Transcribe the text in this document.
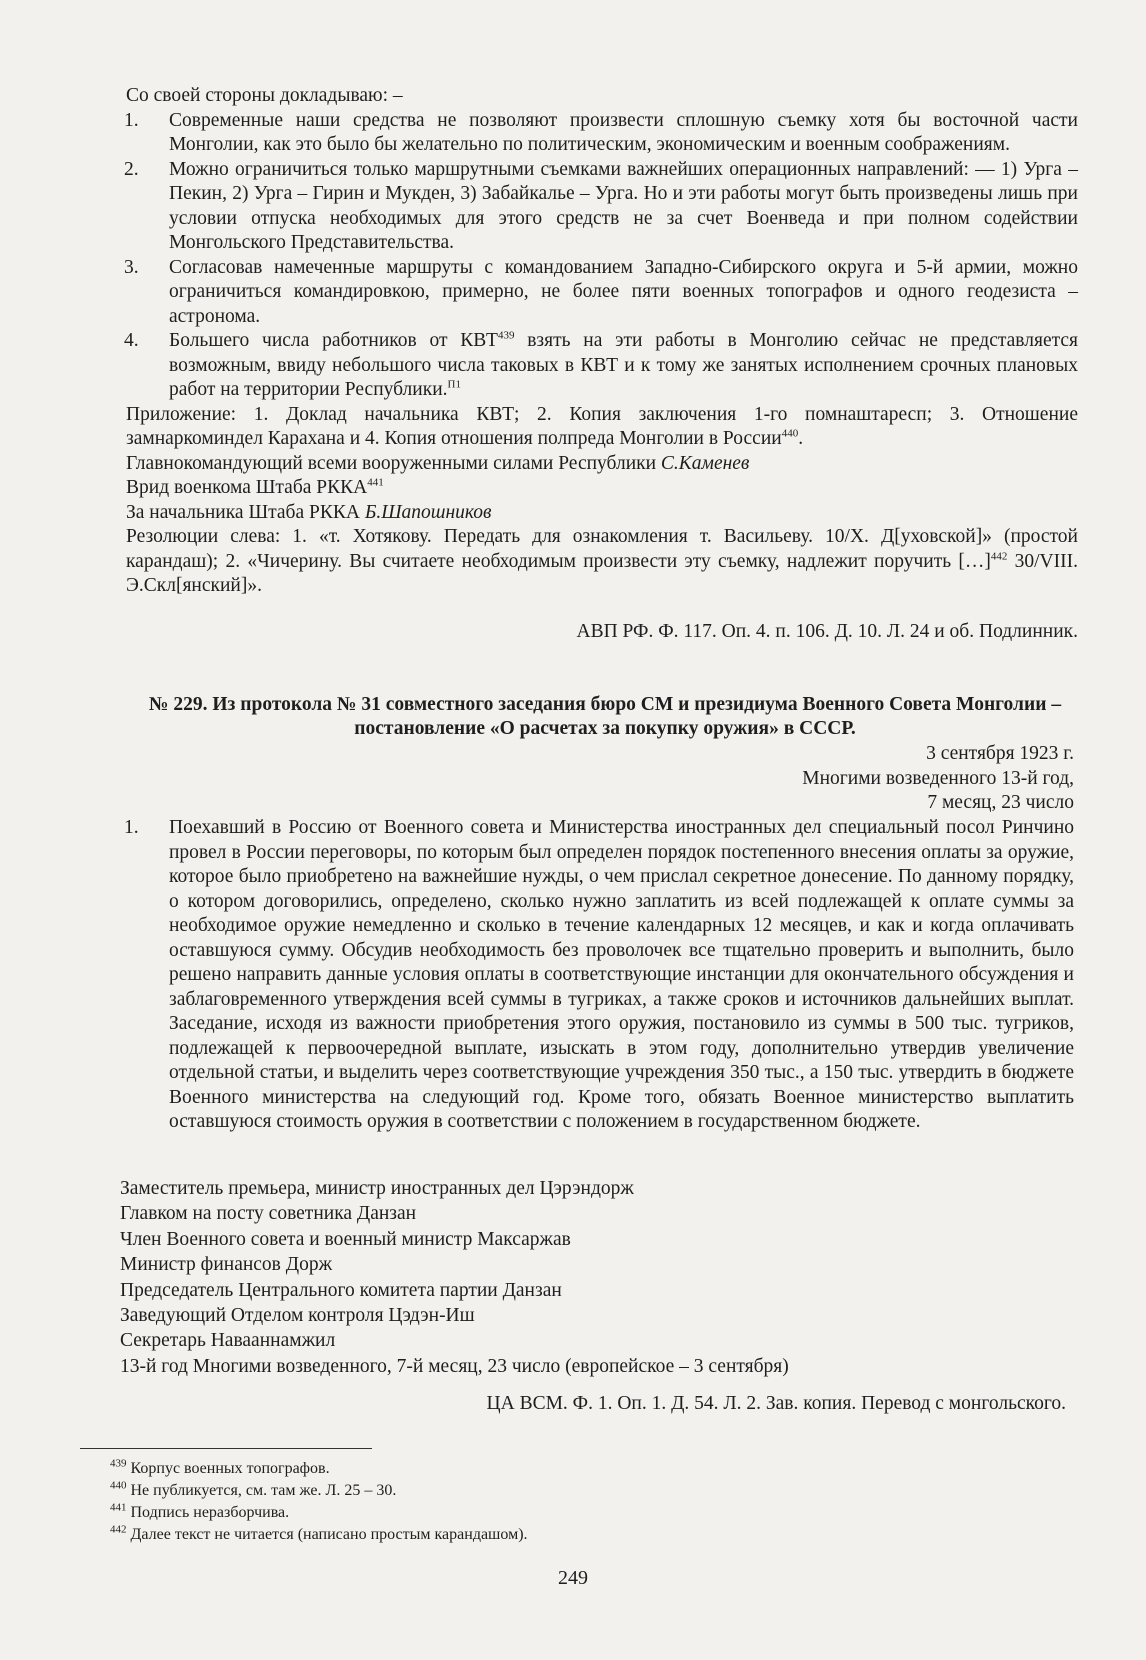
Со своей стороны докладываю: –

1. Современные наши средства не позволяют произвести сплошную съемку хотя бы восточной части Монголии, как это было бы желательно по политическим, экономическим и военным соображениям.
2. Можно ограничиться только маршрутными съемками важнейших операционных направлений: — 1) Урга – Пекин, 2) Урга – Гирин и Мукден, 3) Забайкалье – Урга. Но и эти работы могут быть произведены лишь при условии отпуска необходимых для этого средств не за счет Военведа и при полном содействии Монгольского Представительства.
3. Согласовав намеченные маршруты с командованием Западно-Сибирского округа и 5-й армии, можно ограничиться командировкою, примерно, не более пяти военных топографов и одного геодезиста – астронома.
4. Большего числа работников от КВТ$^{439}$ взять на эти работы в Монголию сейчас не представляется возможным, ввиду небольшого числа таковых в КВТ и к тому же занятых исполнением срочных плановых работ на территории Республики.$^{П1}$

Приложение: 1. Доклад начальника КВТ; 2. Копия заключения 1-го помнаштаресп; 3. Отношение замнаркоминдел Карахана и 4. Копия отношения полпреда Монголии в России$^{440}$.

Главнокомандующий всеми вооруженными силами Республики С.Каменев

Врид военкома Штаба РККА$^{441}$

За начальника Штаба РККА Б.Шапошников

Резолюции слева: 1. «т. Хотякову. Передать для ознакомления т. Васильеву. 10/Х. Д[уховской]» (простой карандаш); 2. «Чичерину. Вы считаете необходимым произвести эту съемку, надлежит поручить […]$^{442}$ 30/VIII. Э.Скл[янский]».

АВП РФ. Ф. 117. Оп. 4. п. 106. Д. 10. Л. 24 и об. Подлинник.
№ 229. Из протокола № 31 совместного заседания бюро СМ и президиума Военного Совета Монголии – постановление «О расчетах за покупку оружия» в СССР.
3 сентября 1923 г.
Многими возведенного 13-й год,
7 месяц, 23 число
1. Поехавший в Россию от Военного совета и Министерства иностранных дел специальный посол Ринчино провел в России переговоры, по которым был определен порядок постепенного внесения оплаты за оружие, которое было приобретено на важнейшие нужды, о чем прислал секретное донесение. По данному порядку, о котором договорились, определено, сколько нужно заплатить из всей подлежащей к оплате суммы за необходимое оружие немедленно и сколько в течение календарных 12 месяцев, и как и когда оплачивать оставшуюся сумму. Обсудив необходимость без проволочек все тщательно проверить и выполнить, было решено направить данные условия оплаты в соответствующие инстанции для окончательного обсуждения и заблаговременного утверждения всей суммы в тугриках, а также сроков и источников дальнейших выплат. Заседание, исходя из важности приобретения этого оружия, постановило из суммы в 500 тыс. тугриков, подлежащей к первоочередной выплате, изыскать в этом году, дополнительно утвердив увеличение отдельной статьи, и выделить через соответствующие учреждения 350 тыс., а 150 тыс. утвердить в бюджете Военного министерства на следующий год. Кроме того, обязать Военное министерство выплатить оставшуюся стоимость оружия в соответствии с положением в государственном бюджете.
Заместитель премьера, министр иностранных дел Цэрэндорж
Главком на посту советника Данзан
Член Военного совета и военный министр Максаржав
Министр финансов Дорж
Председатель Центрального комитета партии Данзан
Заведующий Отделом контроля Цэдэн-Иш
Секретарь Навааннамжил
13-й год Многими возведенного, 7-й месяц, 23 число (европейское – 3 сентября)
ЦА ВСМ. Ф. 1. Оп. 1. Д. 54. Л. 2. Зав. копия. Перевод с монгольского.
$^{439}$ Корпус военных топографов.
$^{440}$ Не публикуется, см. там же. Л. 25 – 30.
$^{441}$ Подпись неразборчива.
$^{442}$ Далее текст не читается (написано простым карандашом).
249
